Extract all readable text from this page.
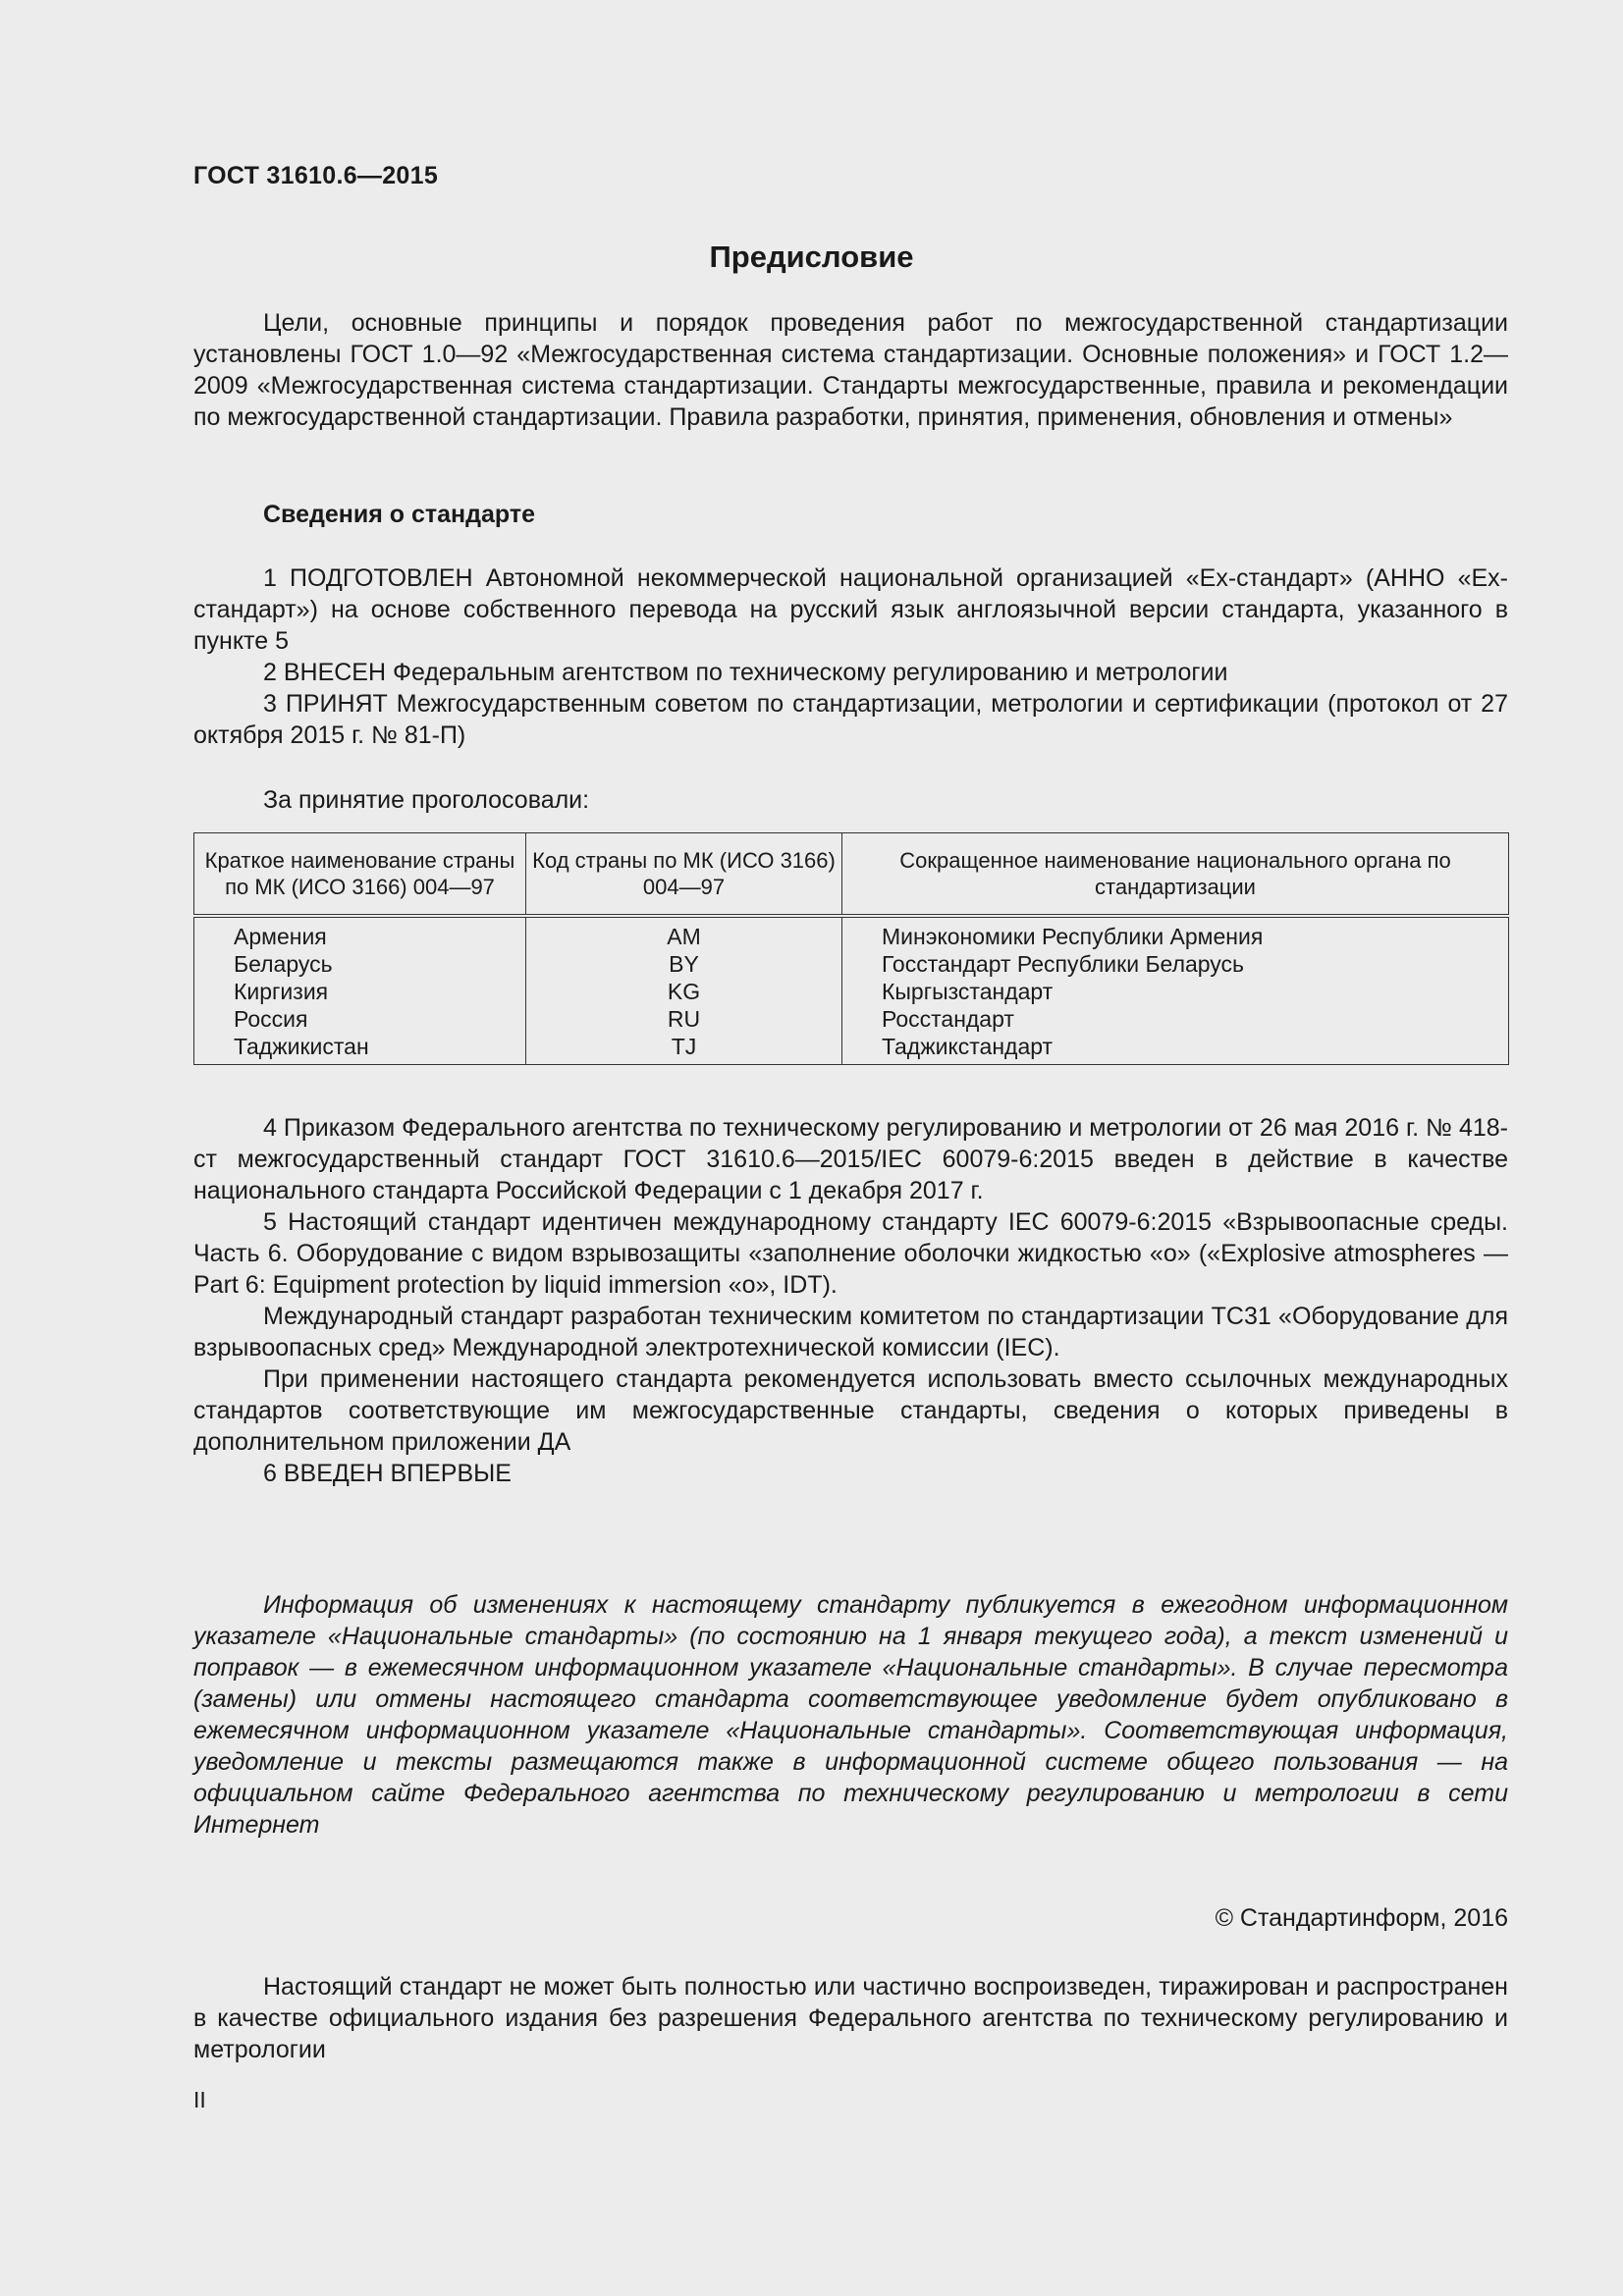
ГОСТ 31610.6—2015
Предисловие

Цели, основные принципы и порядок проведения работ по межгосударственной стандартизации установлены ГОСТ 1.0—92 «Межгосударственная система стандартизации. Основные положения» и ГОСТ 1.2—2009 «Межгосударственная система стандартизации. Стандарты межгосударственные, правила и рекомендации по межгосударственной стандартизации. Правила разработки, принятия, применения, обновления и отмены»

Сведения о стандарте

1 ПОДГОТОВЛЕН Автономной некоммерческой национальной организацией «Ех-стандарт» (АННО «Ех-стандарт») на основе собственного перевода на русский язык англоязычной версии стандарта, указанного в пункте 5

2 ВНЕСЕН Федеральным агентством по техническому регулированию и метрологии

3 ПРИНЯТ Межгосударственным советом по стандартизации, метрологии и сертификации (протокол от 27 октября 2015 г. № 81-П)

За принятие проголосовали:
Краткое наименование страны по МК (ИСО 3166) 004—97	Код страны по МК (ИСО 3166) 004—97	Сокращенное наименование национального органа по стандартизации
Армения	AM	Минэкономики Республики Армения
Беларусь	BY	Госстандарт Республики Беларусь
Киргизия	KG	Кыргызстандарт
Россия	RU	Росстандарт
Таджикистан	TJ	Таджикстандарт

4 Приказом Федерального агентства по техническому регулированию и метрологии от 26 мая 2016 г. № 418-ст межгосударственный стандарт ГОСТ 31610.6—2015/IEC 60079-6:2015 введен в действие в качестве национального стандарта Российской Федерации с 1 декабря 2017 г.

5 Настоящий стандарт идентичен международному стандарту IEC 60079-6:2015 «Взрывоопасные среды. Часть 6. Оборудование с видом взрывозащиты «заполнение оболочки жидкостью «о» («Explosive atmospheres — Part 6: Equipment protection by liquid immersion «о», IDT).

Международный стандарт разработан техническим комитетом по стандартизации TC31 «Оборудование для взрывоопасных сред» Международной электротехнической комиссии (IEC).

При применении настоящего стандарта рекомендуется использовать вместо ссылочных международных стандартов соответствующие им межгосударственные стандарты, сведения о которых приведены в дополнительном приложении ДА

6 ВВЕДЕН ВПЕРВЫЕ

Информация об изменениях к настоящему стандарту публикуется в ежегодном информационном указателе «Национальные стандарты» (по состоянию на 1 января текущего года), а текст изменений и поправок — в ежемесячном информационном указателе «Национальные стандарты». В случае пересмотра (замены) или отмены настоящего стандарта соответствующее уведомление будет опубликовано в ежемесячном информационном указателе «Национальные стандарты». Соответствующая информация, уведомление и тексты размещаются также в информационной системе общего пользования — на официальном сайте Федерального агентства по техническому регулированию и метрологии в сети Интернет

© Стандартинформ, 2016

Настоящий стандарт не может быть полностью или частично воспроизведен, тиражирован и распространен в качестве официального издания без разрешения Федерального агентства по техническому регулированию и метрологии

II
